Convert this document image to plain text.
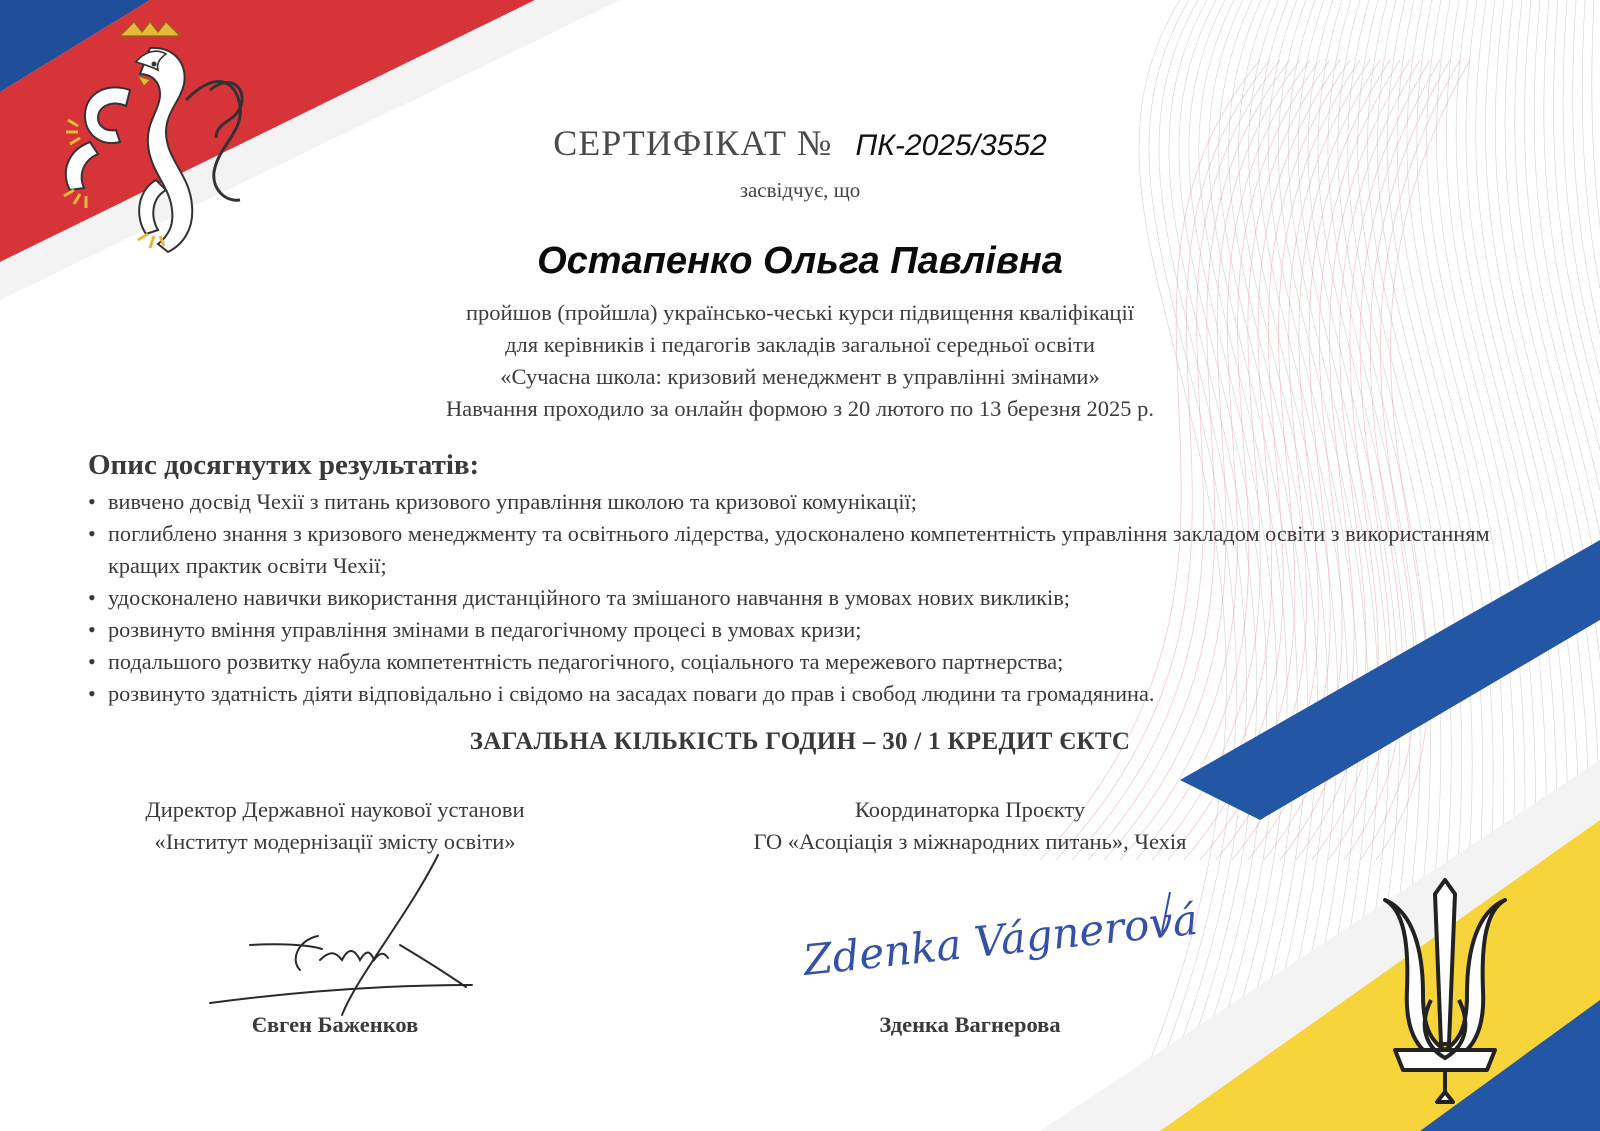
Zdenka Vágnerová
СЕРТИФІКАТ № ПК-2025/3552
засвідчує, що
Остапенко Ольга Павлівна

пройшов (пройшла) українсько-чеські курси підвищення кваліфікації

для керівників і педагогів закладів загальної середньої освіти

«Сучасна школа: кризовий менеджмент в управлінні змінами»

Навчання проходило за онлайн формою з 20 лютого по 13 березня 2025 р.

Опис досягнутих результатів:
• вивчено досвід Чехії з питань кризового управління школою та кризової комунікації;
• поглиблено знання з кризового менеджменту та освітнього лідерства, удосконалено компетентність управління закладом освіти з використанням кращих практик освіти Чехії;
• удосконалено навички використання дистанційного та змішаного навчання в умовах нових викликів;
• розвинуто вміння управління змінами в педагогічному процесі в умовах кризи;
• подальшого розвитку набула компетентність педагогічного, соціального та мережевого партнерства;
• розвинуто здатність діяти відповідально і свідомо на засадах поваги до прав і свобод людини та громадянина.
ЗАГАЛЬНА КІЛЬКІСТЬ ГОДИН – 30 / 1 КРЕДИТ ЄКТС

Директор Державної наукової установи

«Інститут модернізації змісту освіти»

Координаторка Проєкту

ГО «Асоціація з міжнародних питань», Чехія

Євген Баженков	Зденка Вагнерова
